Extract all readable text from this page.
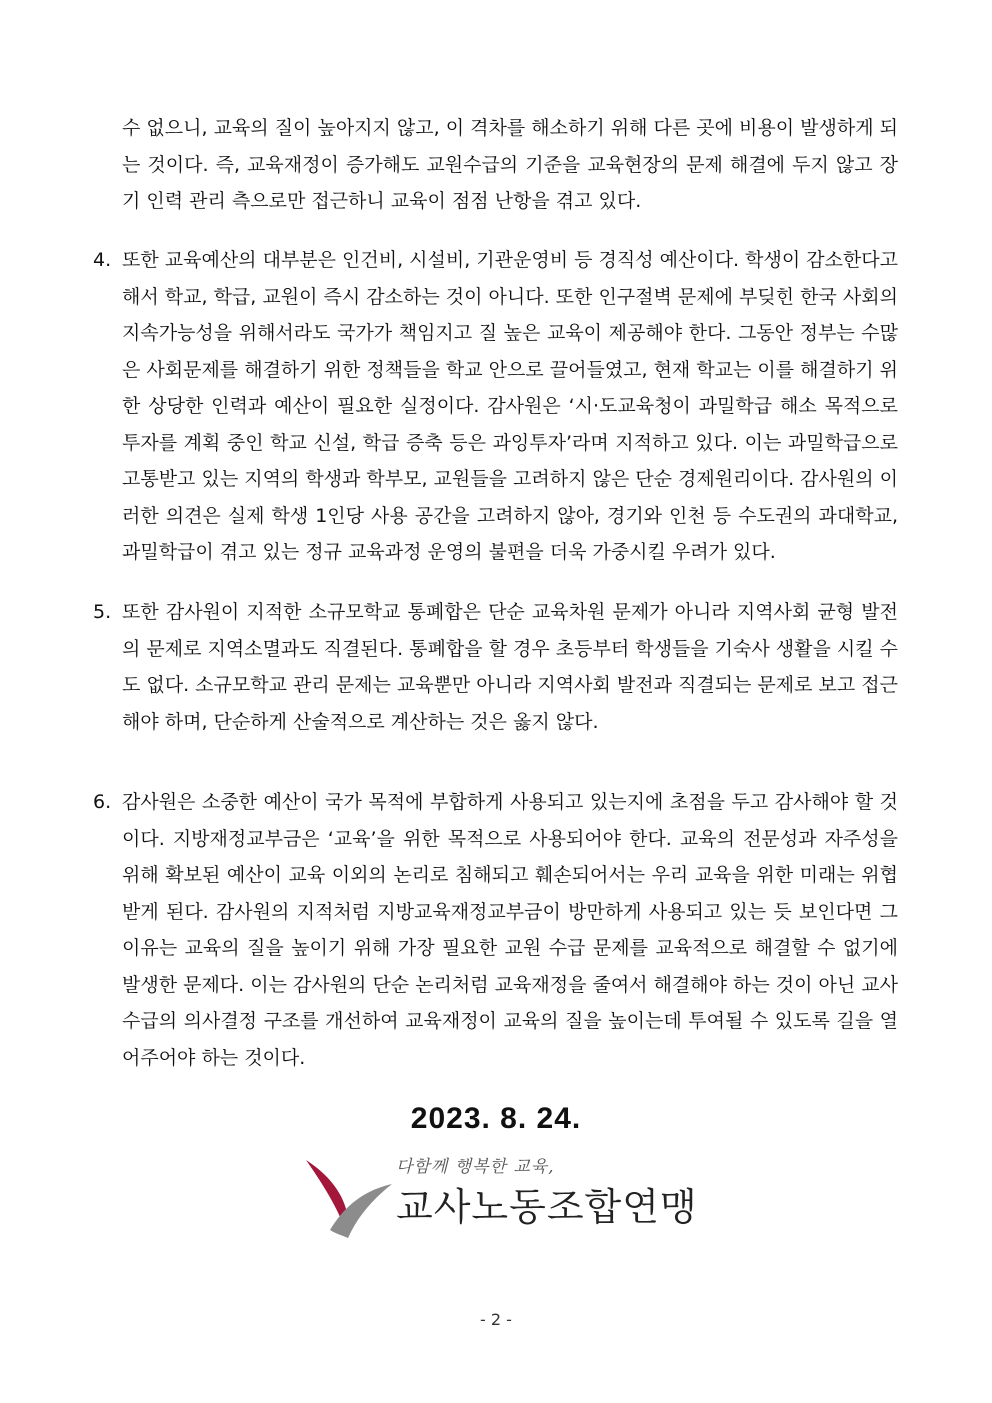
수 없으니, 교육의 질이 높아지지 않고, 이 격차를 해소하기 위해 다른 곳에 비용이 발생하게 되는 것이다. 즉, 교육재정이 증가해도 교원수급의 기준을 교육현장의 문제 해결에 두지 않고 장기 인력 관리 측으로만 접근하니 교육이 점점 난항을 겪고 있다.

4. 또한 교육예산의 대부분은 인건비, 시설비, 기관운영비 등 경직성 예산이다. 학생이 감소한다고 해서 학교, 학급, 교원이 즉시 감소하는 것이 아니다. 또한 인구절벽 문제에 부딪힌 한국 사회의 지속가능성을 위해서라도 국가가 책임지고 질 높은 교육이 제공해야 한다. 그동안 정부는 수많은 사회문제를 해결하기 위한 정책들을 학교 안으로 끌어들였고, 현재 학교는 이를 해결하기 위한 상당한 인력과 예산이 필요한 실정이다. 감사원은 ‘시·도교육청이 과밀학급 해소 목적으로 투자를 계획 중인 학교 신설, 학급 증축 등은 과잉투자’라며 지적하고 있다. 이는 과밀학급으로 고통받고 있는 지역의 학생과 학부모, 교원들을 고려하지 않은 단순 경제원리이다. 감사원의 이러한 의견은 실제 학생 1인당 사용 공간을 고려하지 않아, 경기와 인천 등 수도권의 과대학교, 과밀학급이 겪고 있는 정규 교육과정 운영의 불편을 더욱 가중시킬 우려가 있다.
5. 또한 감사원이 지적한 소규모학교 통폐합은 단순 교육차원 문제가 아니라 지역사회 균형 발전의 문제로 지역소멸과도 직결된다. 통폐합을 할 경우 초등부터 학생들을 기숙사 생활을 시킬 수도 없다. 소규모학교 관리 문제는 교육뿐만 아니라 지역사회 발전과 직결되는 문제로 보고 접근해야 하며, 단순하게 산술적으로 계산하는 것은 옳지 않다.
6. 감사원은 소중한 예산이 국가 목적에 부합하게 사용되고 있는지에 초점을 두고 감사해야 할 것이다. 지방재정교부금은 ‘교육’을 위한 목적으로 사용되어야 한다. 교육의 전문성과 자주성을 위해 확보된 예산이 교육 이외의 논리로 침해되고 훼손되어서는 우리 교육을 위한 미래는 위협받게 된다. 감사원의 지적처럼 지방교육재정교부금이 방만하게 사용되고 있는 듯 보인다면 그 이유는 교육의 질을 높이기 위해 가장 필요한 교원 수급 문제를 교육적으로 해결할 수 없기에 발생한 문제다. 이는 감사원의 단순 논리처럼 교육재정을 줄여서 해결해야 하는 것이 아닌 교사 수급의 의사결정 구조를 개선하여 교육재정이 교육의 질을 높이는데 투여될 수 있도록 길을 열어주어야 하는 것이다.

2023. 8. 24.

다함께 행복한 교육,
교사노동조합연맹

- 2 -
